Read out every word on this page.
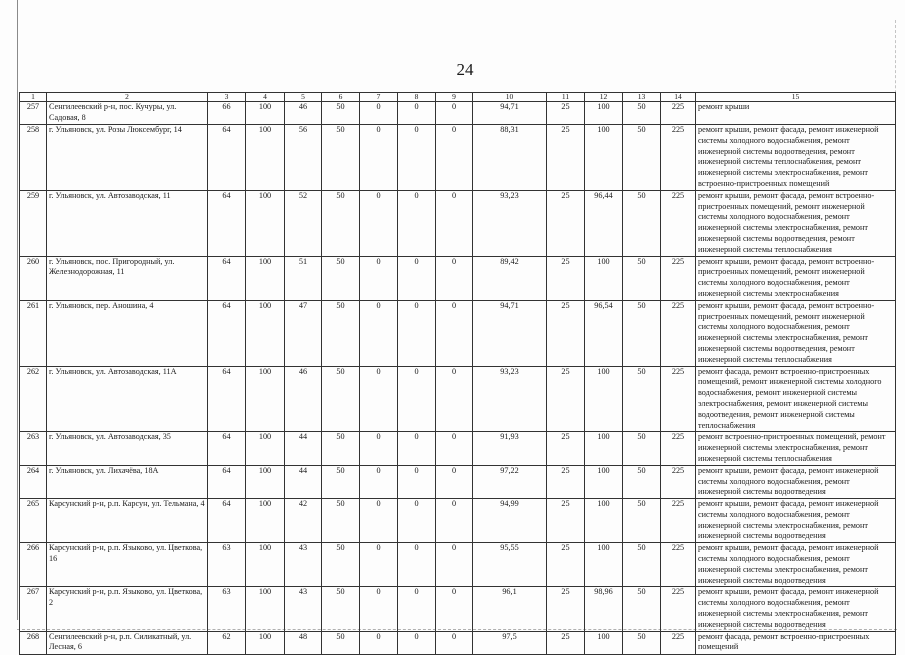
24
1	2	3	4	5	6	7	8	9	10	11	12	13	14	15
257	Сенгилеевский р-н, пос. Кучуры, ул. Садовая, 8	66	100	46	50	0	0	0	94,71	25	100	50	225	ремонт крыши
258	г. Ульяновск, ул. Розы Люксембург, 14	64	100	56	50	0	0	0	88,31	25	100	50	225	ремонт крыши, ремонт фасада, ремонт инженерной системы холодного водоснабжения, ремонт инженерной системы водоотведения, ремонт инженерной системы теплоснабжения, ремонт инженерной системы электроснабжения, ремонт встроенно-пристроенных помещений
259	г. Ульяновск, ул. Автозаводская, 11	64	100	52	50	0	0	0	93,23	25	96,44	50	225	ремонт крыши, ремонт фасада, ремонт встроенно-пристроенных помещений, ремонт инженерной системы холодного водоснабжения, ремонт инженерной системы электроснабжения, ремонт инженерной системы водоотведения, ремонт инженерной системы теплоснабжения
260	г. Ульяновск, пос. Пригородный, ул. Железнодорожная, 11	64	100	51	50	0	0	0	89,42	25	100	50	225	ремонт крыши, ремонт фасада, ремонт встроенно-пристроенных помещений, ремонт инженерной системы холодного водоснабжения, ремонт инженерной системы электроснабжения
261	г. Ульяновск, пер. Аношина, 4	64	100	47	50	0	0	0	94,71	25	96,54	50	225	ремонт крыши, ремонт фасада, ремонт встроенно-пристроенных помещений, ремонт инженерной системы холодного водоснабжения, ремонт инженерной системы электроснабжения, ремонт инженерной системы водоотведения, ремонт инженерной системы теплоснабжения
262	г. Ульяновск, ул. Автозаводская, 11А	64	100	46	50	0	0	0	93,23	25	100	50	225	ремонт фасада, ремонт встроенно-пристроенных помещений, ремонт инженерной системы холодного водоснабжения, ремонт инженерной системы электроснабжения, ремонт инженерной системы водоотведения, ремонт инженерной системы теплоснабжения
263	г. Ульяновск, ул. Автозаводская, 35	64	100	44	50	0	0	0	91,93	25	100	50	225	ремонт встроенно-пристроенных помещений, ремонт инженерной системы электроснабжения, ремонт инженерной системы теплоснабжения
264	г. Ульяновск, ул. Лихачёва, 18А	64	100	44	50	0	0	0	97,22	25	100	50	225	ремонт крыши, ремонт фасада, ремонт инженерной системы холодного водоснабжения, ремонт инженерной системы водоотведения
265	Карсунский р-н, р.п. Карсун, ул. Тельмана, 4	64	100	42	50	0	0	0	94,99	25	100	50	225	ремонт крыши, ремонт фасада, ремонт инженерной системы холодного водоснабжения, ремонт инженерной системы электроснабжения, ремонт инженерной системы водоотведения
266	Карсунский р-н, р.п. Языково, ул. Цветкова, 16	63	100	43	50	0	0	0	95,55	25	100	50	225	ремонт крыши, ремонт фасада, ремонт инженерной системы холодного водоснабжения, ремонт инженерной системы электроснабжения, ремонт инженерной системы водоотведения
267	Карсунский р-н, р.п. Языково, ул. Цветкова, 2	63	100	43	50	0	0	0	96,1	25	98,96	50	225	ремонт крыши, ремонт фасада, ремонт инженерной системы холодного водоснабжения, ремонт инженерной системы электроснабжения, ремонт инженерной системы водоотведения
268	Сенгилеевский р-н, р.п. Силикатный, ул. Лесная, 6	62	100	48	50	0	0	0	97,5	25	100	50	225	ремонт фасада, ремонт встроенно-пристроенных помещений
